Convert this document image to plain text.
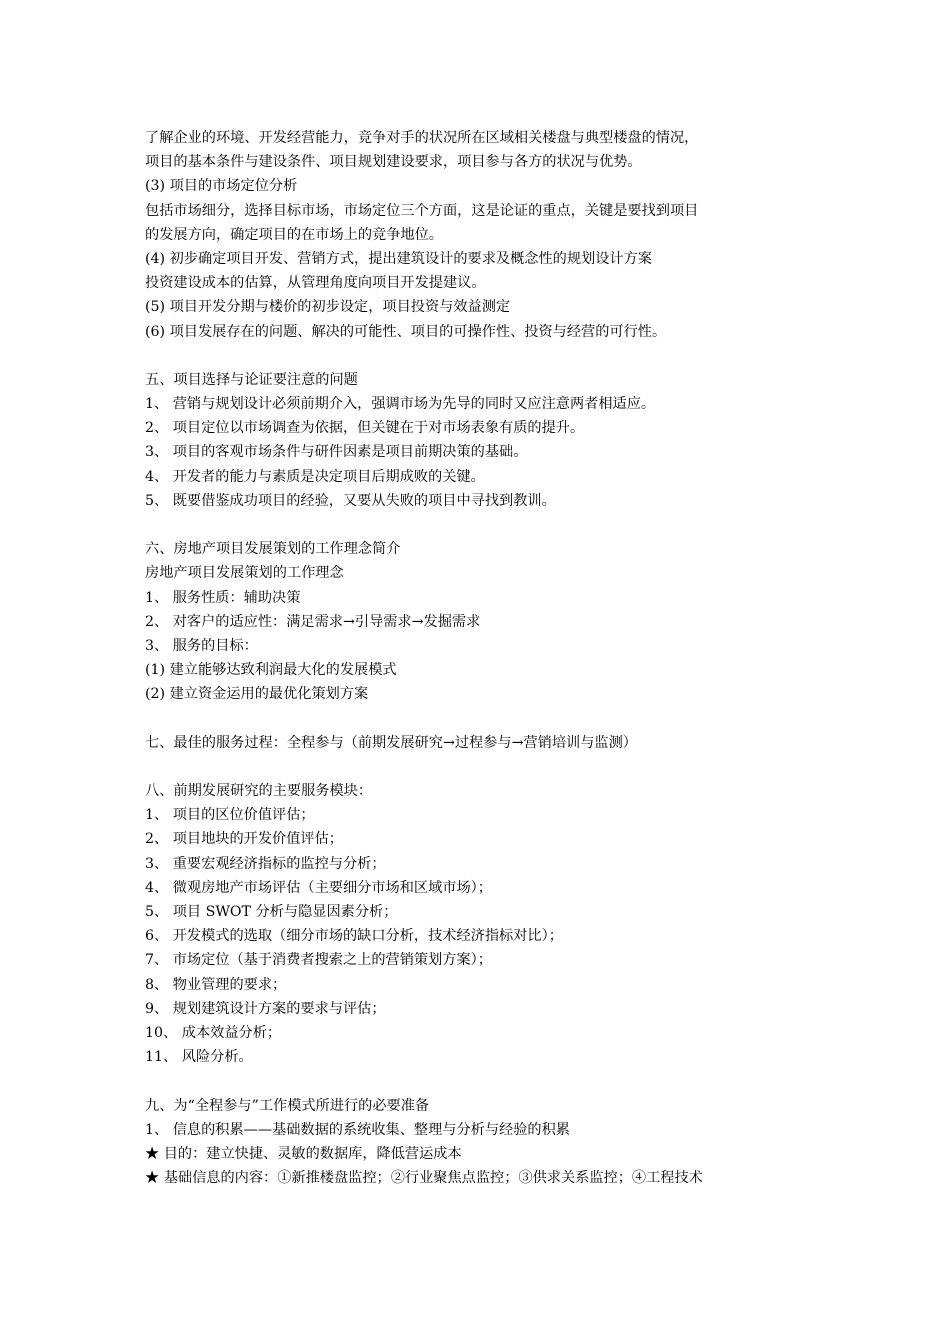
了解企业的环境、开发经营能力，竞争对手的状况所在区域相关楼盘与典型楼盘的情况，
项目的基本条件与建设条件、项目规划建设要求，项目参与各方的状况与优势。
(3) 项目的市场定位分析
包括市场细分，选择目标市场，市场定位三个方面，这是论证的重点，关键是要找到项目
的发展方向，确定项目的在市场上的竞争地位。
(4) 初步确定项目开发、营销方式，提出建筑设计的要求及概念性的规划设计方案
投资建设成本的估算，从管理角度向项目开发提建议。
(5) 项目开发分期与楼价的初步设定，项目投资与效益测定
(6) 项目发展存在的问题、解决的可能性、项目的可操作性、投资与经营的可行性。
五、项目选择与论证要注意的问题
1、 营销与规划设计必须前期介入，强调市场为先导的同时又应注意两者相适应。
2、 项目定位以市场调查为依据，但关键在于对市场表象有质的提升。
3、 项目的客观市场条件与研件因素是项目前期决策的基础。
4、 开发者的能力与素质是决定项目后期成败的关键。
5、 既要借鉴成功项目的经验，又要从失败的项目中寻找到教训。
六、房地产项目发展策划的工作理念简介
房地产项目发展策划的工作理念
1、 服务性质：辅助决策
2、 对客户的适应性：满足需求→引导需求→发掘需求
3、 服务的目标：
(1) 建立能够达致利润最大化的发展模式
(2) 建立资金运用的最优化策划方案
七、最佳的服务过程：全程参与（前期发展研究→过程参与→营销培训与监测）
八、前期发展研究的主要服务模块：
1、 项目的区位价值评估；
2、 项目地块的开发价值评估；
3、 重要宏观经济指标的监控与分析；
4、 微观房地产市场评估（主要细分市场和区域市场）；
5、 项目 SWOT 分析与隐显因素分析；
6、 开发模式的选取（细分市场的缺口分析，技术经济指标对比）；
7、 市场定位（基于消费者搜索之上的营销策划方案）；
8、 物业管理的要求；
9、 规划建筑设计方案的要求与评估；
10、 成本效益分析；
11、 风险分析。
九、为“全程参与”工作模式所进行的必要准备
1、 信息的积累——基础数据的系统收集、整理与分析与经验的积累
★ 目的：建立快捷、灵敏的数据库，降低营运成本
★ 基础信息的内容：①新推楼盘监控；②行业聚焦点监控；③供求关系监控；④工程技术
